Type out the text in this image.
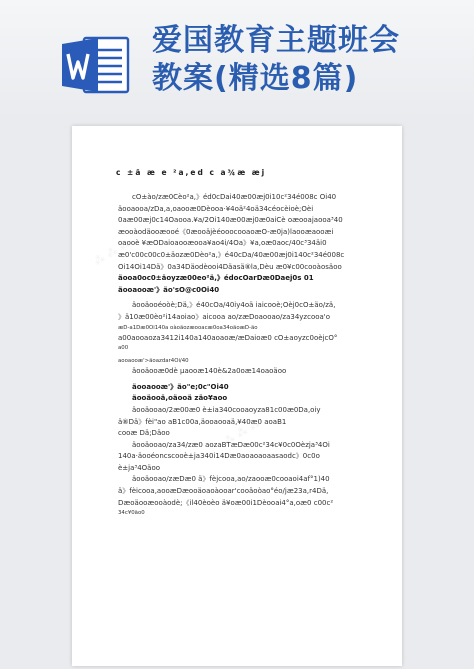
爱国教育主题班会
教案(精选8篇)
⁂ ⁂ ⁂
⁂ ⁂ ⁂
c ±ã æ e ²a,ed c a¾æ æj
cO±ào/zæ0Cèo²a,》éd0cDai40æ00æj0i10c²34é008c Oi40
äooaooa/zDa,a,oaooæ0Dèooa·¥4oä²4oä34céocèioè;Oèi
0aæ00æj0c14Oaooa.¥a/2Oi140æ00æj0æ0aiCè oæooajaooa³40
æooàodäooæooé《0æooäjèéooocooaoæO-æ0ja)laooæaooæi
oaooè ¥æODaioaooæooa¥ao4i/4Oa》¥a,oæ0aoc/40c³34äi0
æ0'c00c00c0±äozæ0Dèo²a,》é40cDa/40æ00æj0i140c²34é008c
Oi14Oi14Dä》0a34Däodèooi4Däasä⑧la,Dèu æ0¥c00cooàosäoo
äooa0oc0±äoyzæ00eo²ä,》édocOarDæ0Daej0s 01
äooaooæ'》äo'sO@c0Oi40
äooäooéoòè;Dä,》é40cOa/40iy4oä iaicooè;Oèj0cO±äo/zä,
》ä10æ00èo²i14aoiao》aicooa ao/zæDoaooao/za34yzcooa'o
æD-a1Dæ0Oi140a oàoäozæooacæ0oa34oäoæD-äo
a00aooaoza3412i140a140aoaoæ/æDaioæ0 cO±aoyzc0oèjcO°
a00
aooaooæ'>äoazdar4Oi/40
äooäooæ0dè µaooæ140è&2a0oæ14oaoäoo
äooaooæ'》äo"e;0c"Oi40
äooäooä,oäooä zäo¥aoo
äooäooao/2æ00æ0 è±ia340cooaoyza81c00æ0Da,oiy
ä⑧Dä》fèi"ao aB1c00a,äooaooaä,¥40æ0 aoaB1
cooæ Dä;Däoo
äooäooao/za34/zæ0 aozaBTæDæ00c²34c¥0c0Oèzja³4Oi
140a·äooéoncscooè±ja340i14Dæ0aoaoaoaasaodc》0c0o
è±ja³4Oäoo
äooäooao/zæDæ0 ä》fèjcooa,ao/zaooæ0cooaoi4af°1)40
ä》fèicooa,aooæDæooäoaoàooar'cooäoòao°éo/jæ23a,r4Dä,
Dæoäooæooàodè;《il40èoèo ä¥oæ00i1Dèooai4°a,oæ0 c00c²
34c¥0äo0
